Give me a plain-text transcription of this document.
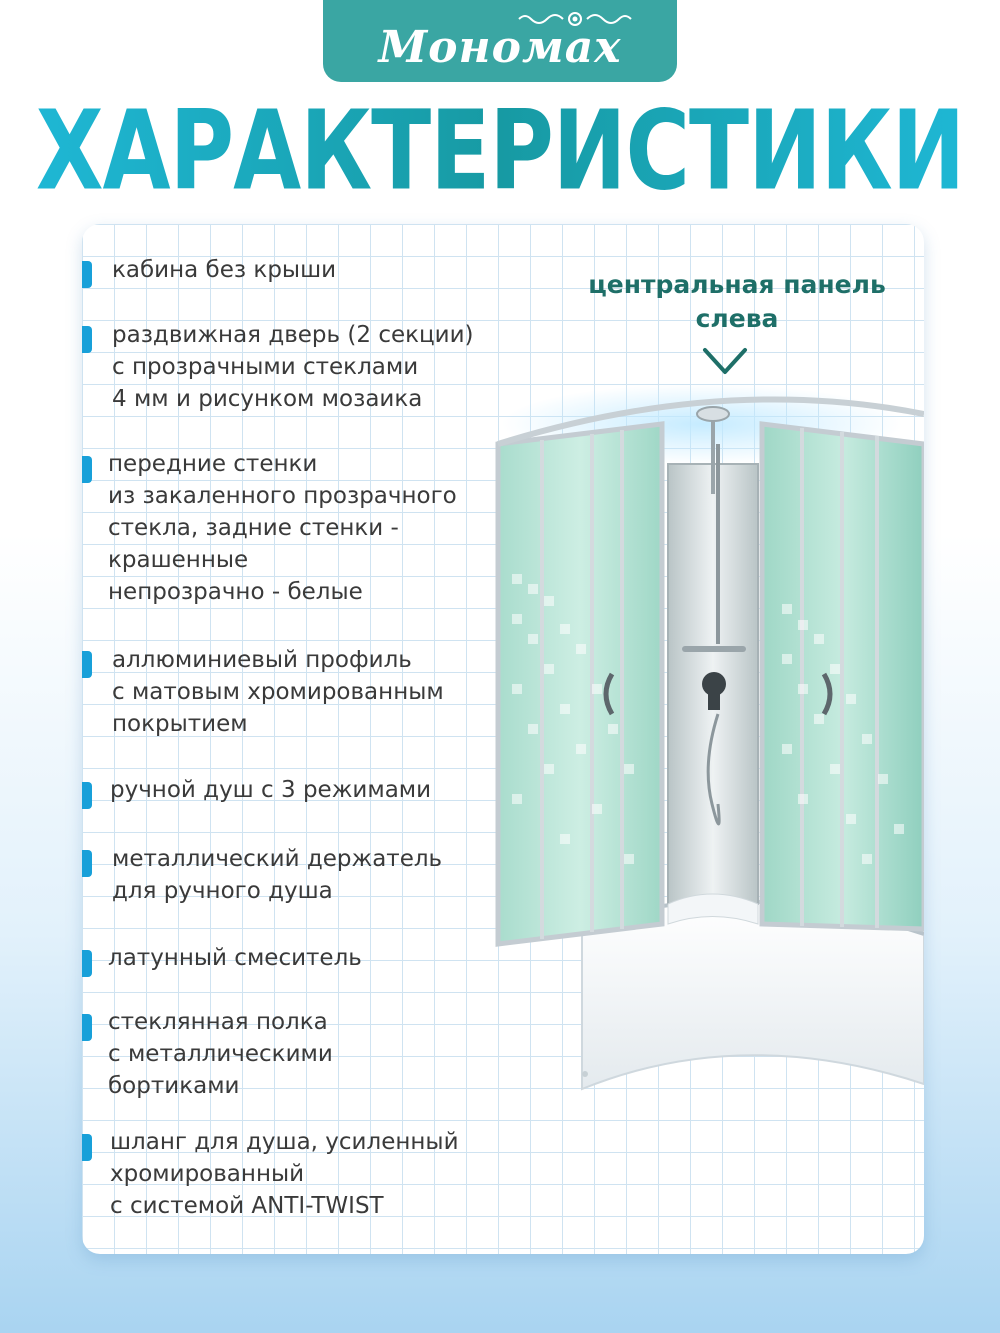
Мономах
ХАРАКТЕРИСТИКИ
кабина без крыши
раздвижная дверь (2 секции)
с прозрачными стеклами
4 мм и рисунком мозаика
передние стенки
из закаленного прозрачного
стекла, задние стенки -
крашенные
непрозрачно - белые
аллюминиевый профиль
с матовым хромированным
покрытием
ручной душ с 3 режимами
металлический держатель
для ручного душа
латунный смеситель
стеклянная полка
с металлическими
бортиками
шланг для душа, усиленный
хромированный
с системой ANTI-TWIST
центральная панель
слева
